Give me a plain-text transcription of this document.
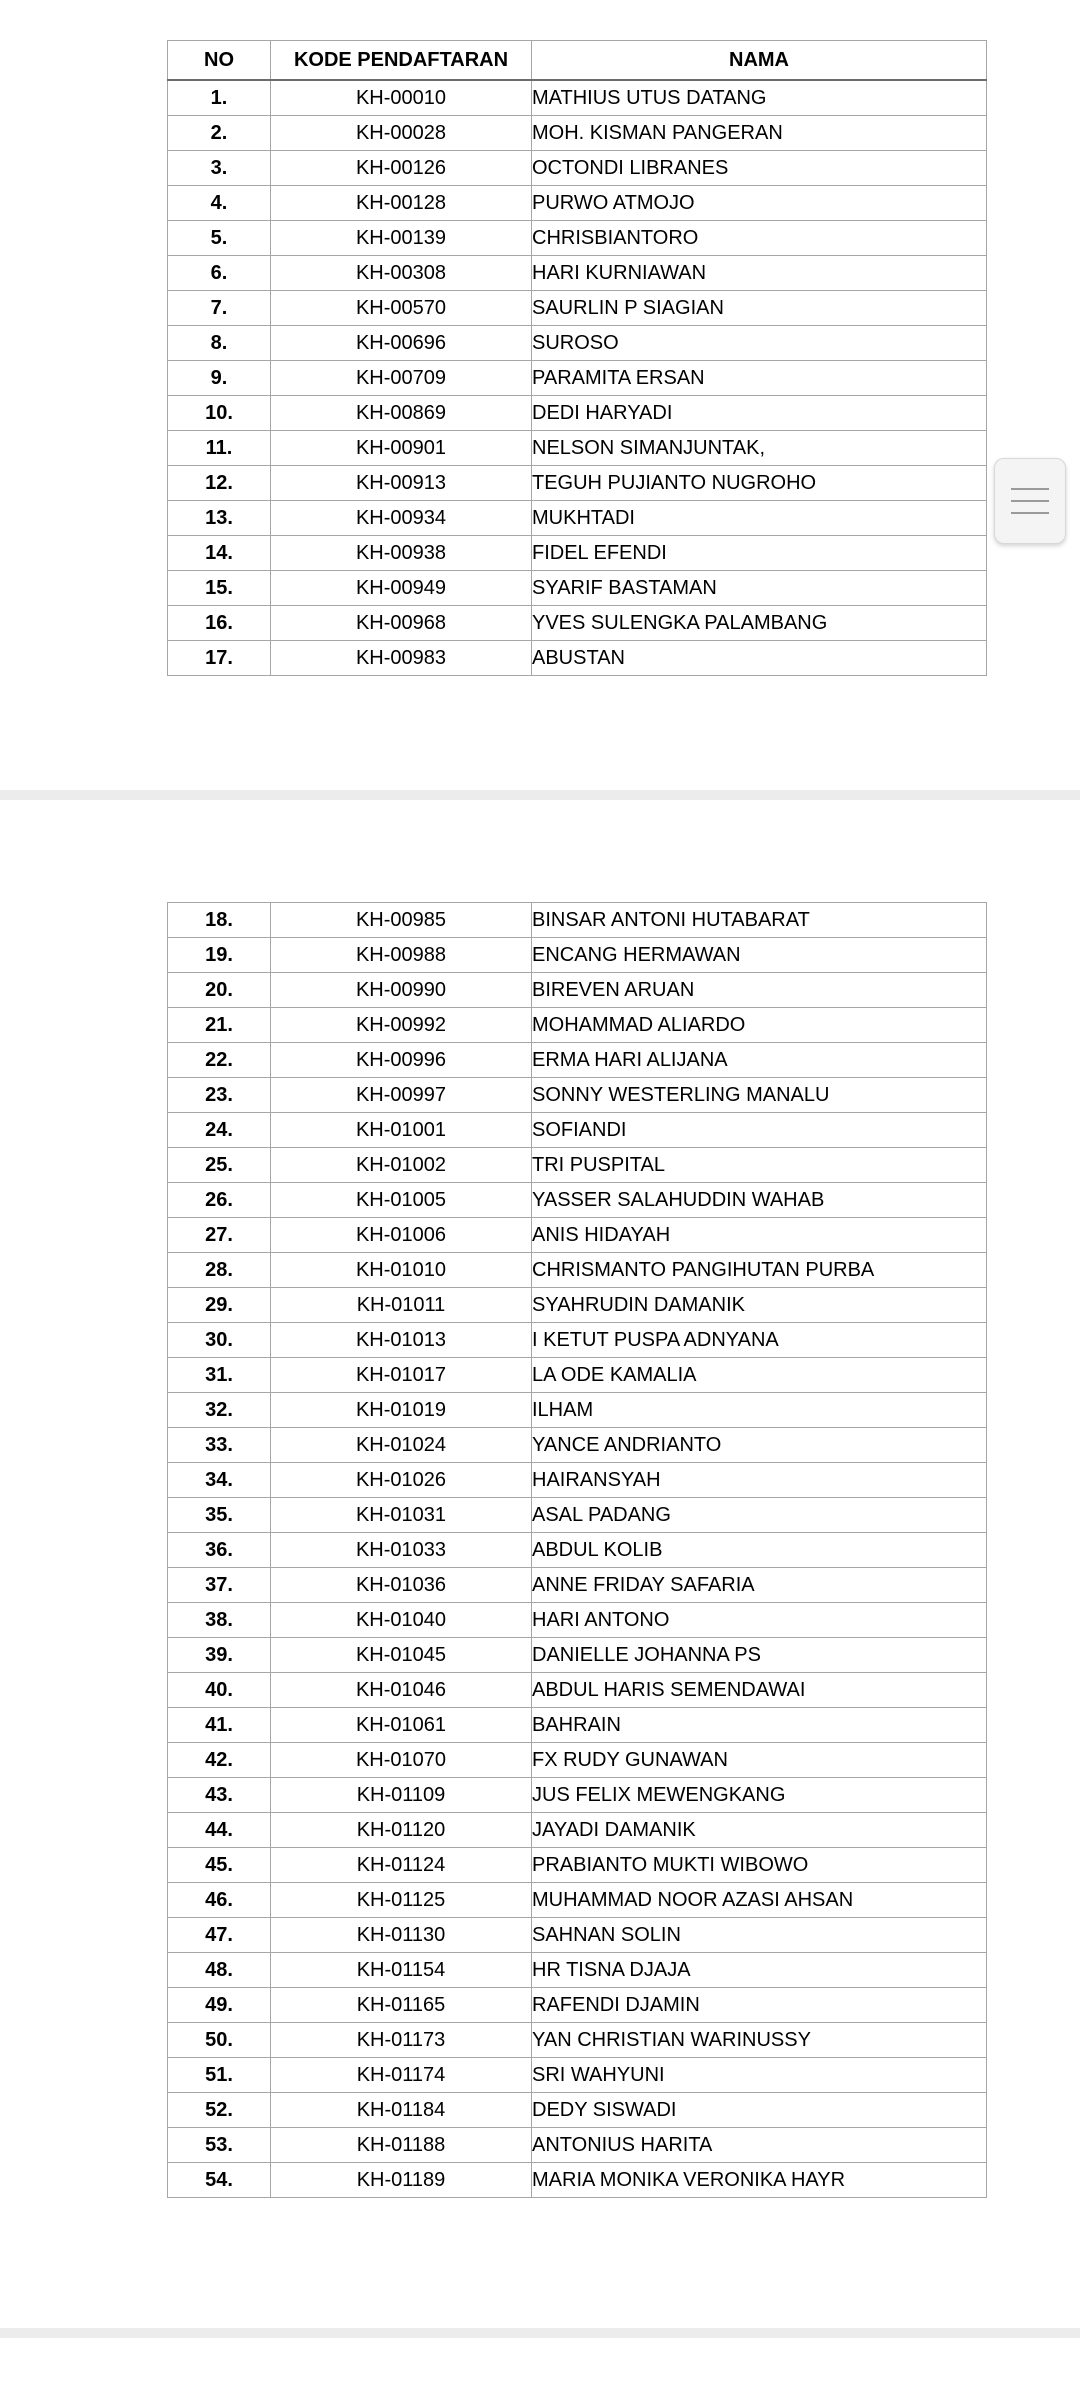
NO	KODE PENDAFTARAN	NAMA
1.	KH-00010	MATHIUS UTUS DATANG
2.	KH-00028	MOH. KISMAN PANGERAN
3.	KH-00126	OCTONDI LIBRANES
4.	KH-00128	PURWO ATMOJO
5.	KH-00139	CHRISBIANTORO
6.	KH-00308	HARI KURNIAWAN
7.	KH-00570	SAURLIN P SIAGIAN
8.	KH-00696	SUROSO
9.	KH-00709	PARAMITA ERSAN
10.	KH-00869	DEDI HARYADI
11.	KH-00901	NELSON SIMANJUNTAK,
12.	KH-00913	TEGUH PUJIANTO NUGROHO
13.	KH-00934	MUKHTADI
14.	KH-00938	FIDEL EFENDI
15.	KH-00949	SYARIF BASTAMAN
16.	KH-00968	YVES SULENGKA PALAMBANG
17.	KH-00983	ABUSTAN
18.	KH-00985	BINSAR ANTONI HUTABARAT
19.	KH-00988	ENCANG HERMAWAN
20.	KH-00990	BIREVEN ARUAN
21.	KH-00992	MOHAMMAD ALIARDO
22.	KH-00996	ERMA HARI ALIJANA
23.	KH-00997	SONNY WESTERLING MANALU
24.	KH-01001	SOFIANDI
25.	KH-01002	TRI PUSPITAL
26.	KH-01005	YASSER SALAHUDDIN WAHAB
27.	KH-01006	ANIS HIDAYAH
28.	KH-01010	CHRISMANTO PANGIHUTAN PURBA
29.	KH-01011	SYAHRUDIN DAMANIK
30.	KH-01013	I KETUT PUSPA ADNYANA
31.	KH-01017	LA ODE KAMALIA
32.	KH-01019	ILHAM
33.	KH-01024	YANCE ANDRIANTO
34.	KH-01026	HAIRANSYAH
35.	KH-01031	ASAL PADANG
36.	KH-01033	ABDUL KOLIB
37.	KH-01036	ANNE FRIDAY SAFARIA
38.	KH-01040	HARI ANTONO
39.	KH-01045	DANIELLE JOHANNA PS
40.	KH-01046	ABDUL HARIS SEMENDAWAI
41.	KH-01061	BAHRAIN
42.	KH-01070	FX RUDY GUNAWAN
43.	KH-01109	JUS FELIX MEWENGKANG
44.	KH-01120	JAYADI DAMANIK
45.	KH-01124	PRABIANTO MUKTI WIBOWO
46.	KH-01125	MUHAMMAD NOOR AZASI AHSAN
47.	KH-01130	SAHNAN SOLIN
48.	KH-01154	HR TISNA DJAJA
49.	KH-01165	RAFENDI DJAMIN
50.	KH-01173	YAN CHRISTIAN WARINUSSY
51.	KH-01174	SRI WAHYUNI
52.	KH-01184	DEDY SISWADI
53.	KH-01188	ANTONIUS HARITA
54.	KH-01189	MARIA MONIKA VERONIKA HAYR
